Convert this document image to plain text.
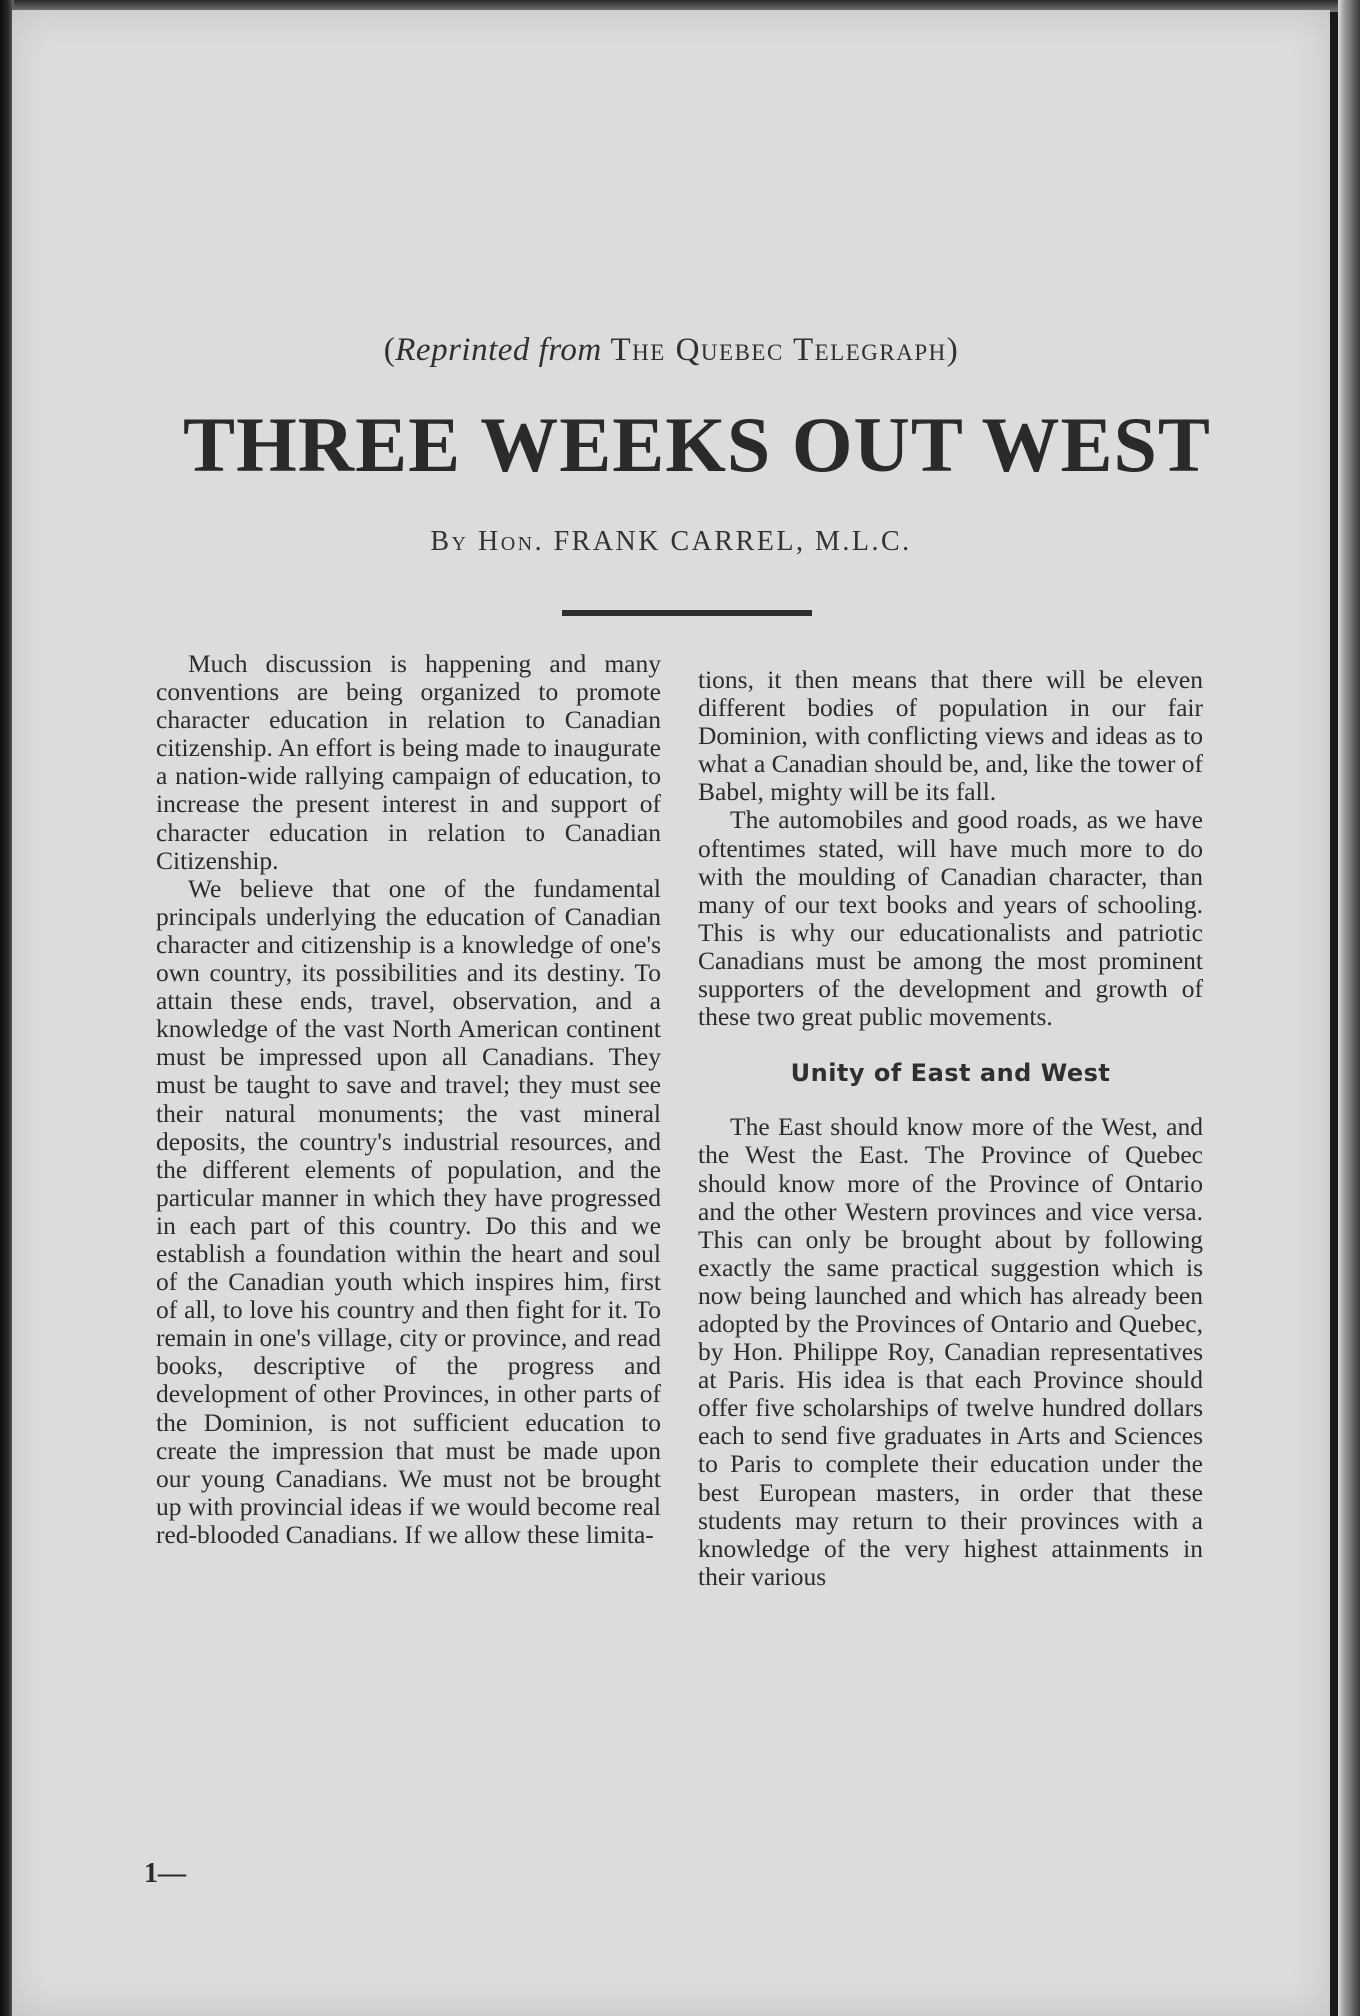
(Reprinted from The Quebec Telegraph)
THREE WEEKS OUT WEST
By Hon. FRANK CARREL, M.L.C.

Much discussion is happening and many conventions are being organized to promote character education in relation to Canadian citizenship. An effort is being made to inaugurate a nation-wide rallying campaign of education, to increase the present interest in and support of character education in relation to Canadian Citizenship.

We believe that one of the fundamental principals underlying the education of Canadian character and citizenship is a knowledge of one's own country, its possibilities and its destiny. To attain these ends, travel, observation, and a knowledge of the vast North American continent must be impressed upon all Canadians. They must be taught to save and travel; they must see their natural monuments; the vast mineral deposits, the country's industrial resources, and the different elements of population, and the particular manner in which they have progressed in each part of this country. Do this and we establish a foundation within the heart and soul of the Canadian youth which inspires him, first of all, to love his country and then fight for it. To remain in one's village, city or province, and read books, descriptive of the progress and development of other Provinces, in other parts of the Dominion, is not sufficient education to create the impression that must be made upon our young Canadians. We must not be brought up with provincial ideas if we would become real red-blooded Canadians. If we allow these limita-

tions, it then means that there will be eleven different bodies of population in our fair Dominion, with conflicting views and ideas as to what a Canadian should be, and, like the tower of Babel, mighty will be its fall.

The automobiles and good roads, as we have oftentimes stated, will have much more to do with the moulding of Canadian character, than many of our text books and years of schooling. This is why our educationalists and patriotic Canadians must be among the most prominent supporters of the development and growth of these two great public movements.

Unity of East and West

The East should know more of the West, and the West the East. The Province of Quebec should know more of the Province of Ontario and the other Western provinces and vice versa. This can only be brought about by following exactly the same practical suggestion which is now being launched and which has already been adopted by the Provinces of Ontario and Quebec, by Hon. Philippe Roy, Canadian representatives at Paris. His idea is that each Province should offer five scholarships of twelve hundred dollars each to send five graduates in Arts and Sciences to Paris to complete their education under the best European masters, in order that these students may return to their provinces with a knowledge of the very highest attainments in their various

1—
